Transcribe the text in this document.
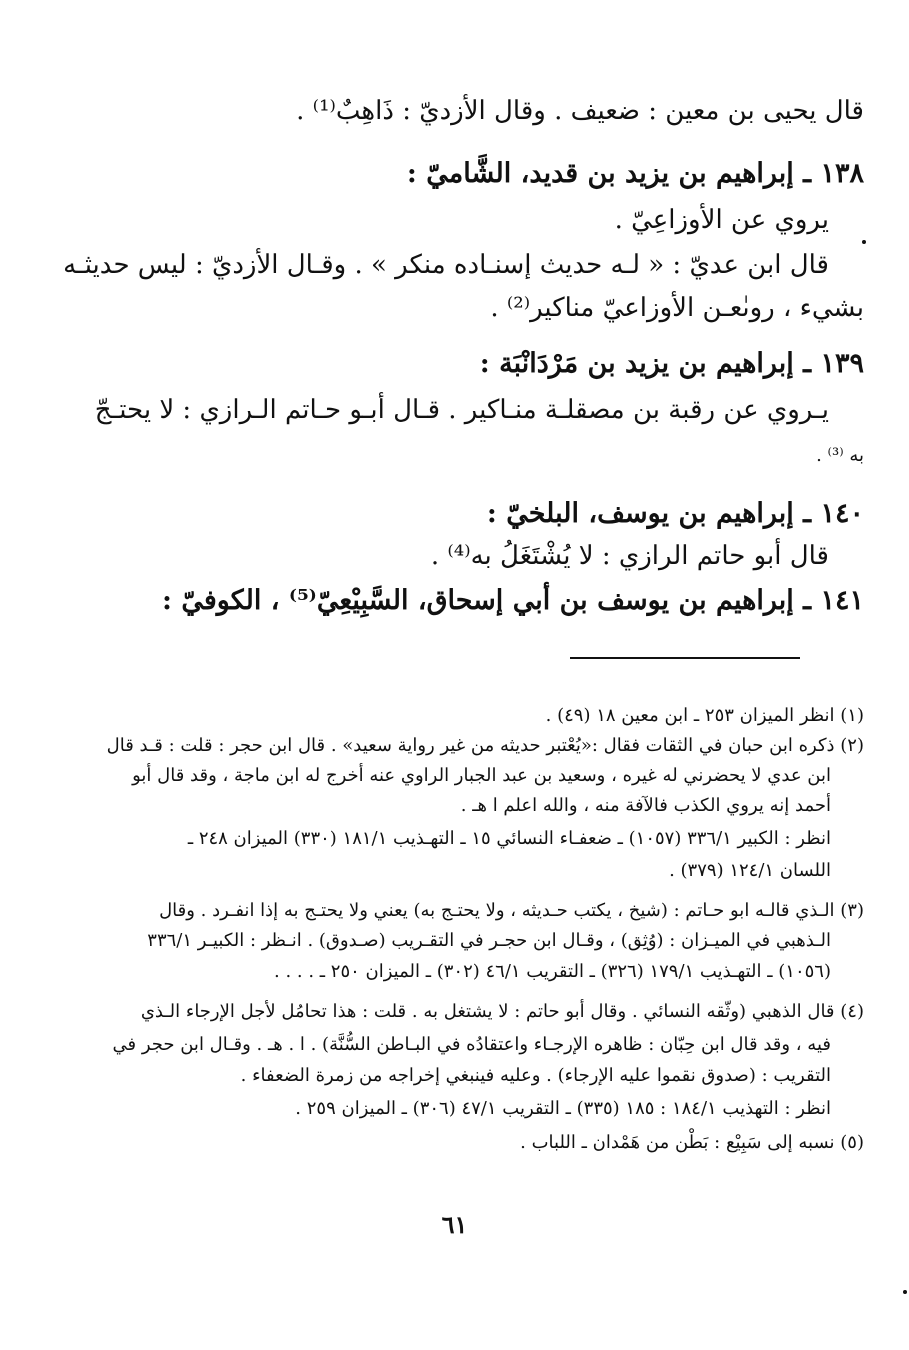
قال يحيى بن معين : ضعيف . وقال الأزديّ : ذَاهِبٌ⁽¹⁾ .
١٣٨ ـ إبراهيم بن يزيد بن قديد، الشَّاميّ :
يروي عن الأوزاعِيّ .
قال ابن عديّ : « لـه حديث إسنـاده منكر » . وقـال الأزديّ : ليس حديثـه
بشيء ، روىٰعـن الأوزاعيّ مناكير⁽²⁾ .
١٣٩ ـ إبراهيم بن يزيد بن مَرْدَانْبَة :
يـروي عن رقبة بن مصقلـة منـاكير . قـال أبـو حـاتم الـرازي : لا يحتـجّ
به ⁽³⁾ .
١٤٠ ـ إبراهيم بن يوسف، البلخيّ :
قال أبو حاتم الرازي : لا يُشْتَغَلُ به⁽⁴⁾ .
١٤١ ـ إبراهيم بن يوسف بن أبي إسحاق، السَّبِيْعِيّ⁽⁵⁾ ، الكوفيّ :
(١) انظر الميزان ٢٥٣ ـ ابن معين ١٨ (٤٩) .
(٢) ذكره ابن حبان في الثقات فقال :«يُعْتبر حديثه من غير رواية سعيد» . قال ابن حجر : قلت : قـد قال
ابن عدي لا يحضرني له غيره ، وسعيد بن عبد الجبار الراوي عنه أخرج له ابن ماجة ، وقد قال أبو
أحمد إنه يروي الكذب فالآفة منه ، والله اعلم ا هـ .
انظر : الكبير ٣٣٦/١ (١٠٥٧) ـ ضعفـاء النسائي ١٥ ـ التهـذيب ١٨١/١ (٣٣٠) الميزان ٢٤٨ ـ
اللسان ١٢٤/١ (٣٧٩) .
(٣) الـذي قالـه ابو حـاتم : (شيخ ، يكتب حـديثه ، ولا يحتـج به) يعني ولا يحتـج به إذا انفـرد . وقال
الـذهبي في الميـزان : (وُثِق) ، وقـال ابن حجـر في التقـريب (صـدوق) . انـظر : الكبيـر ٣٣٦/١
(١٠٥٦) ـ التهـذيب ١٧٩/١ (٣٢٦) ـ التقريب ٤٦/١ (٣٠٢) ـ الميزان ٢٥٠ ـ . . . .
(٤) قال الذهبي (وثّقه النسائي . وقال أبو حاتم : لا يشتغل به . قلت : هذا تحامُل لأجل الإرجاء الـذي
فيه ، وقد قال ابن حِبّان : ظاهره الإرجـاء واعتقادُه في البـاطن السُّنَّة) . ا . هـ . وقـال ابن حجر في
التقريب : (صدوق نقموا عليه الإرجاء) . وعليه فينبغي إخراجه من زمرة الضعفاء .
انظر : التهذيب ١٨٤/١ : ١٨٥ (٣٣٥) ـ التقريب ٤٧/١ (٣٠٦) ـ الميزان ٢٥٩ .
(٥) نسبه إلى سَبِيْع : بَطْن من هَمْدان ـ اللباب .
٦١
